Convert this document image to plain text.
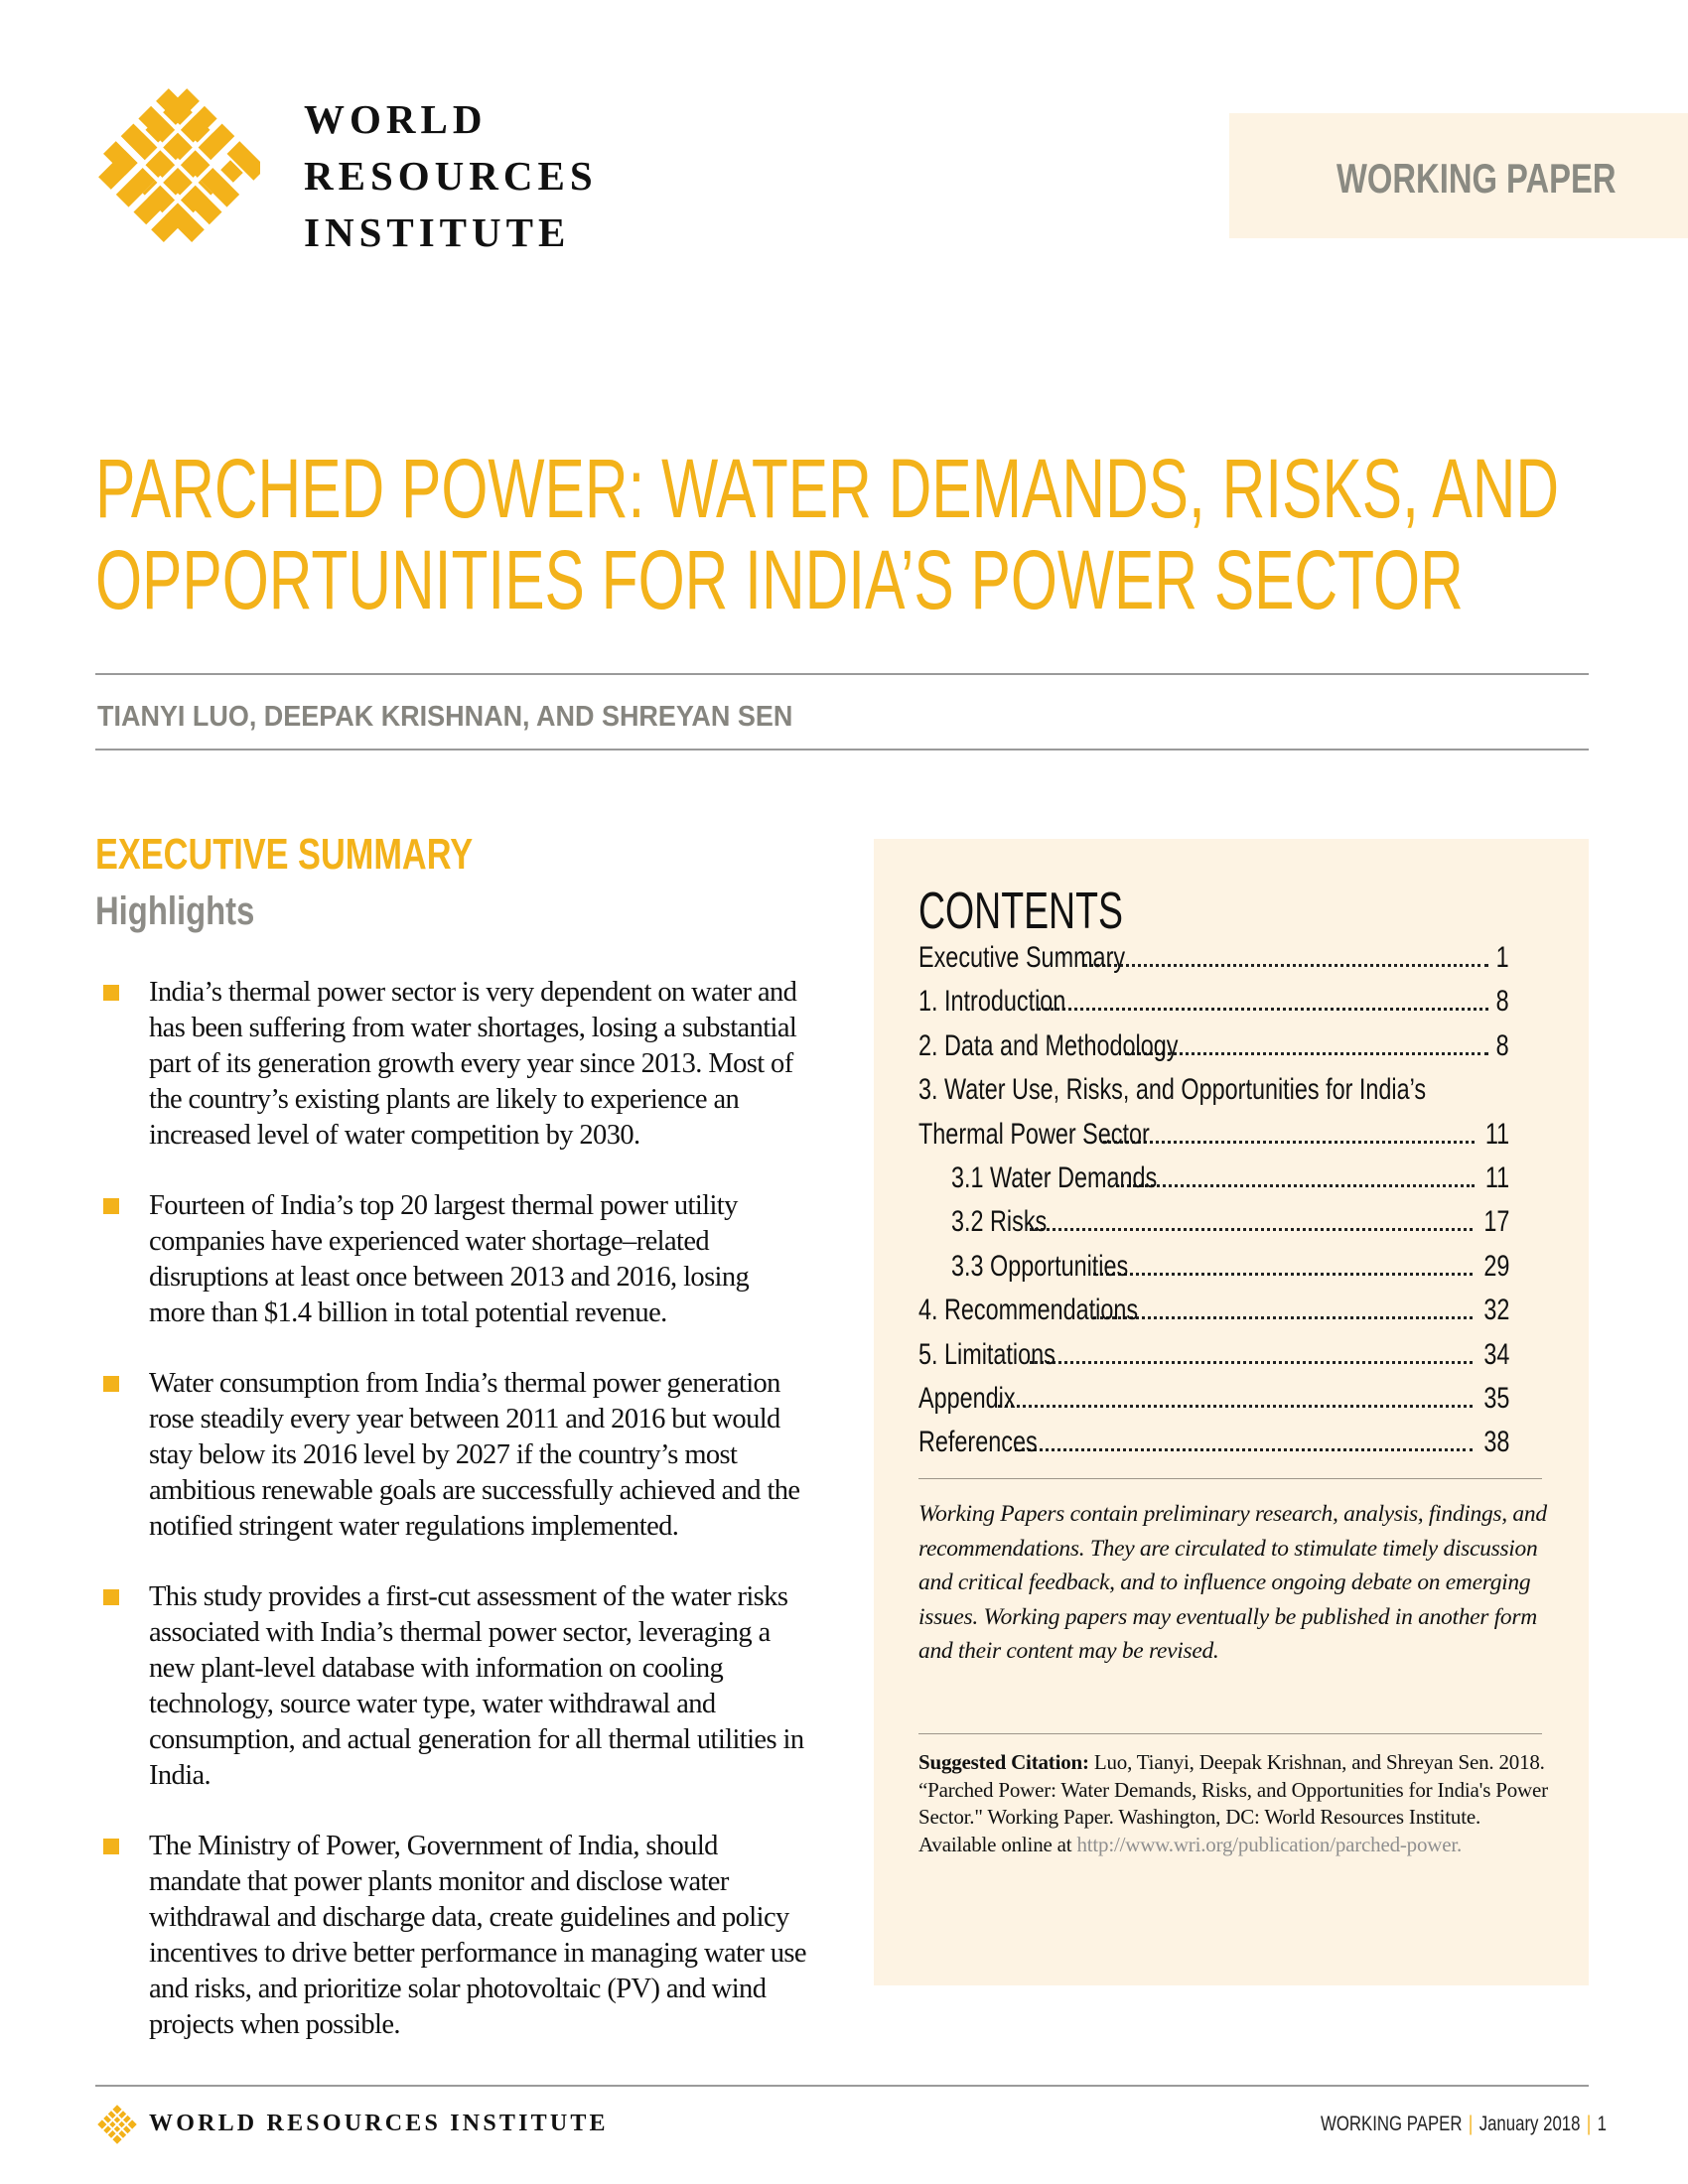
WORLD
RESOURCES
INSTITUTE
WORKING PAPER
PARCHED POWER: WATER DEMANDS, RISKS, AND
OPPORTUNITIES FOR INDIA’S POWER SECTOR
TIANYI LUO, DEEPAK KRISHNAN, AND SHREYAN SEN
EXECUTIVE SUMMARY
Highlights
India’s thermal power sector is very dependent on water and has been suffering from water shortages, losing a substantial part of its generation growth every year since 2013. Most of the country’s existing plants are likely to experience an increased level of water competition by 2030.
Fourteen of India’s top 20 largest thermal power utility companies have experienced water shortage–related disruptions at least once between 2013 and 2016, losing more than $1.4 billion in total potential revenue.
Water consumption from India’s thermal power generation rose steadily every year between 2011 and 2016 but would stay below its 2016 level by 2027 if the country’s most ambitious renewable goals are successfully achieved and the notified stringent water regulations implemented.
This study provides a first-cut assessment of the water risks associated with India’s thermal power sector, leveraging a new plant-level database with information on cooling technology, source water type, water withdrawal and consumption, and actual generation for all thermal utilities in India.
The Ministry of Power, Government of India, should mandate that power plants monitor and disclose water withdrawal and discharge data, create guidelines and policy incentives to drive better performance in managing water use and risks, and prioritize solar photovoltaic (PV) and wind projects when possible.
CONTENTS
Executive Summary	1
1. Introduction	8
2. Data and Methodology	8
3. Water Use, Risks, and Opportunities for India’s
Thermal Power Sector	11
3.1 Water Demands	11
3.2 Risks	17
3.3 Opportunities	29
4. Recommendations	32
5. Limitations	34
Appendix	35
References	38
Working Papers contain preliminary research, analysis, findings, and recommendations. They are circulated to stimulate timely discussion and critical feedback, and to influence ongoing debate on emerging issues. Working papers may eventually be published in another form and their content may be revised.
Suggested Citation: Luo, Tianyi, Deepak Krishnan, and Shreyan Sen. 2018. “Parched Power: Water Demands, Risks, and Opportunities for India's Power Sector." Working Paper. Washington, DC: World Resources Institute. Available online at http://www.wri.org/publication/parched-power.
WORLD RESOURCES INSTITUTE	WORKING PAPER | January 2018 | 1
